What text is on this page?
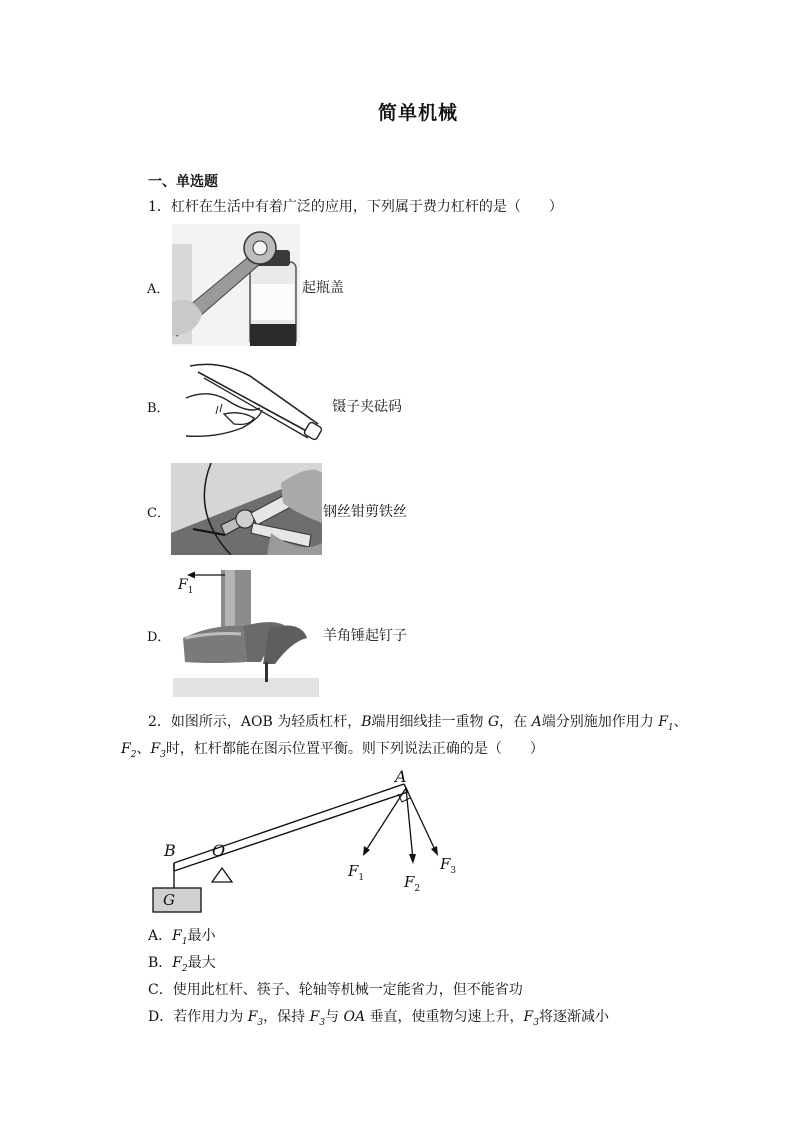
简单机械
一、单选题
1．杠杆在生活中有着广泛的应用，下列属于费力杠杆的是（　　）
A．	起瓶盖
B．	镊子夹砝码
C．	钢丝钳剪铁丝
D．
$F_1$
羊角锤起钉子
2．如图所示，AOB 为轻质杠杆，B端用细线挂一重物 G，在 A端分别施加作用力 $F_1$、
$F_2$、$F_3$时，杠杆都能在图示位置平衡。则下列说法正确的是（　　）
A
B O
G
$F_1$	$F_2$
$F_3$
A．$F_1$最小
B．$F_2$最大
C．使用此杠杆、筷子、轮轴等机械一定能省力，但不能省功
D．若作用力为 $F_3$，保持 $F_3$与 OA 垂直，使重物匀速上升，$F_3$将逐渐减小
